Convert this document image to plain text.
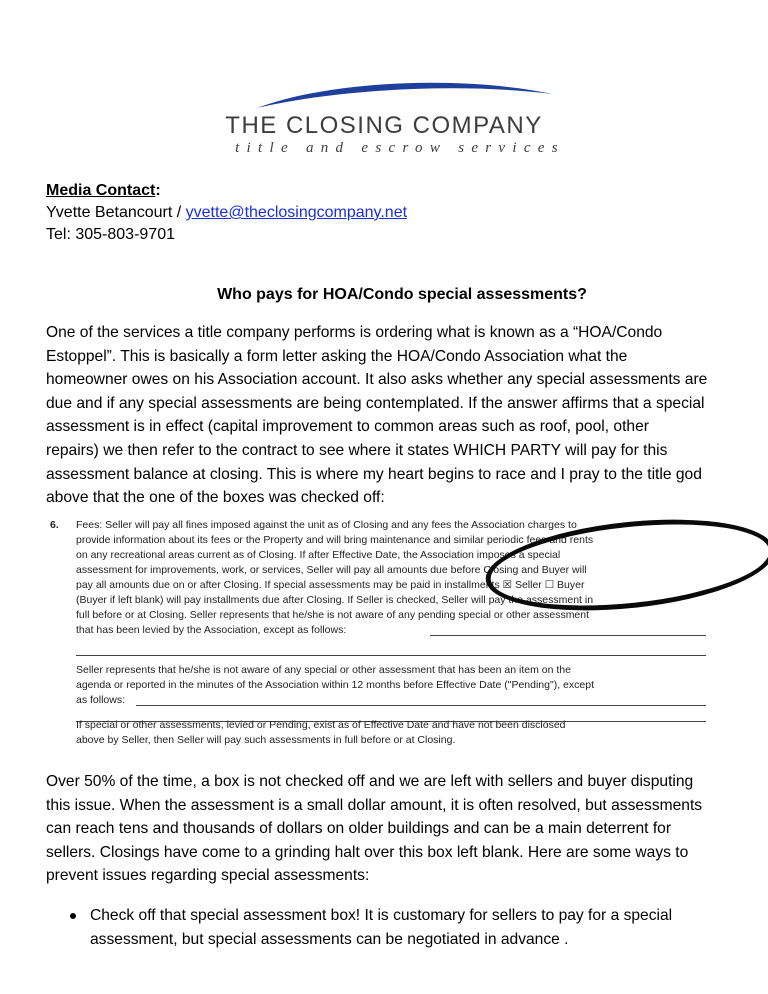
THE CLOSING COMPANY
title and escrow services
Media Contact:
Yvette Betancourt / yvette@theclosingcompany.net
Tel: 305-803-9701
Who pays for HOA/Condo special assessments?
One of the services a title company performs is ordering what is known as a “HOA/Condo
Estoppel”. This is basically a form letter asking the HOA/Condo Association what the
homeowner owes on his Association account. It also asks whether any special assessments are
due and if any special assessments are being contemplated. If the answer affirms that a special
assessment is in effect (capital improvement to common areas such as roof, pool, other
repairs) we then refer to the contract to see where it states WHICH PARTY will pay for this
assessment balance at closing. This is where my heart begins to race and I pray to the title god
above that the one of the boxes was checked off:
6. Fees: Seller will pay all fines imposed against the unit as of Closing and any fees the Association charges to
provide information about its fees or the Property and will bring maintenance and similar periodic fees and rents
on any recreational areas current as of Closing. If after Effective Date, the Association imposes a special
assessment for improvements, work, or services, Seller will pay all amounts due before Closing and Buyer will
pay all amounts due on or after Closing. If special assessments may be paid in installments ☒ Seller ☐ Buyer
(Buyer if left blank) will pay installments due after Closing. If Seller is checked, Seller will pay the assessment in
full before or at Closing. Seller represents that he/she is not aware of any pending special or other assessment
that has been levied by the Association, except as follows:
Seller represents that he/she is not aware of any special or other assessment that has been an item on the
agenda or reported in the minutes of the Association within 12 months before Effective Date ("Pending"), except
as follows:
If special or other assessments, levied or Pending, exist as of Effective Date and have not been disclosed
above by Seller, then Seller will pay such assessments in full before or at Closing.
Over 50% of the time, a box is not checked off and we are left with sellers and buyer disputing
this issue. When the assessment is a small dollar amount, it is often resolved, but assessments
can reach tens and thousands of dollars on older buildings and can be a main deterrent for
sellers. Closings have come to a grinding halt over this box left blank. Here are some ways to
prevent issues regarding special assessments:
Check off that special assessment box! It is customary for sellers to pay for a special
assessment, but special assessments can be negotiated in advance .
